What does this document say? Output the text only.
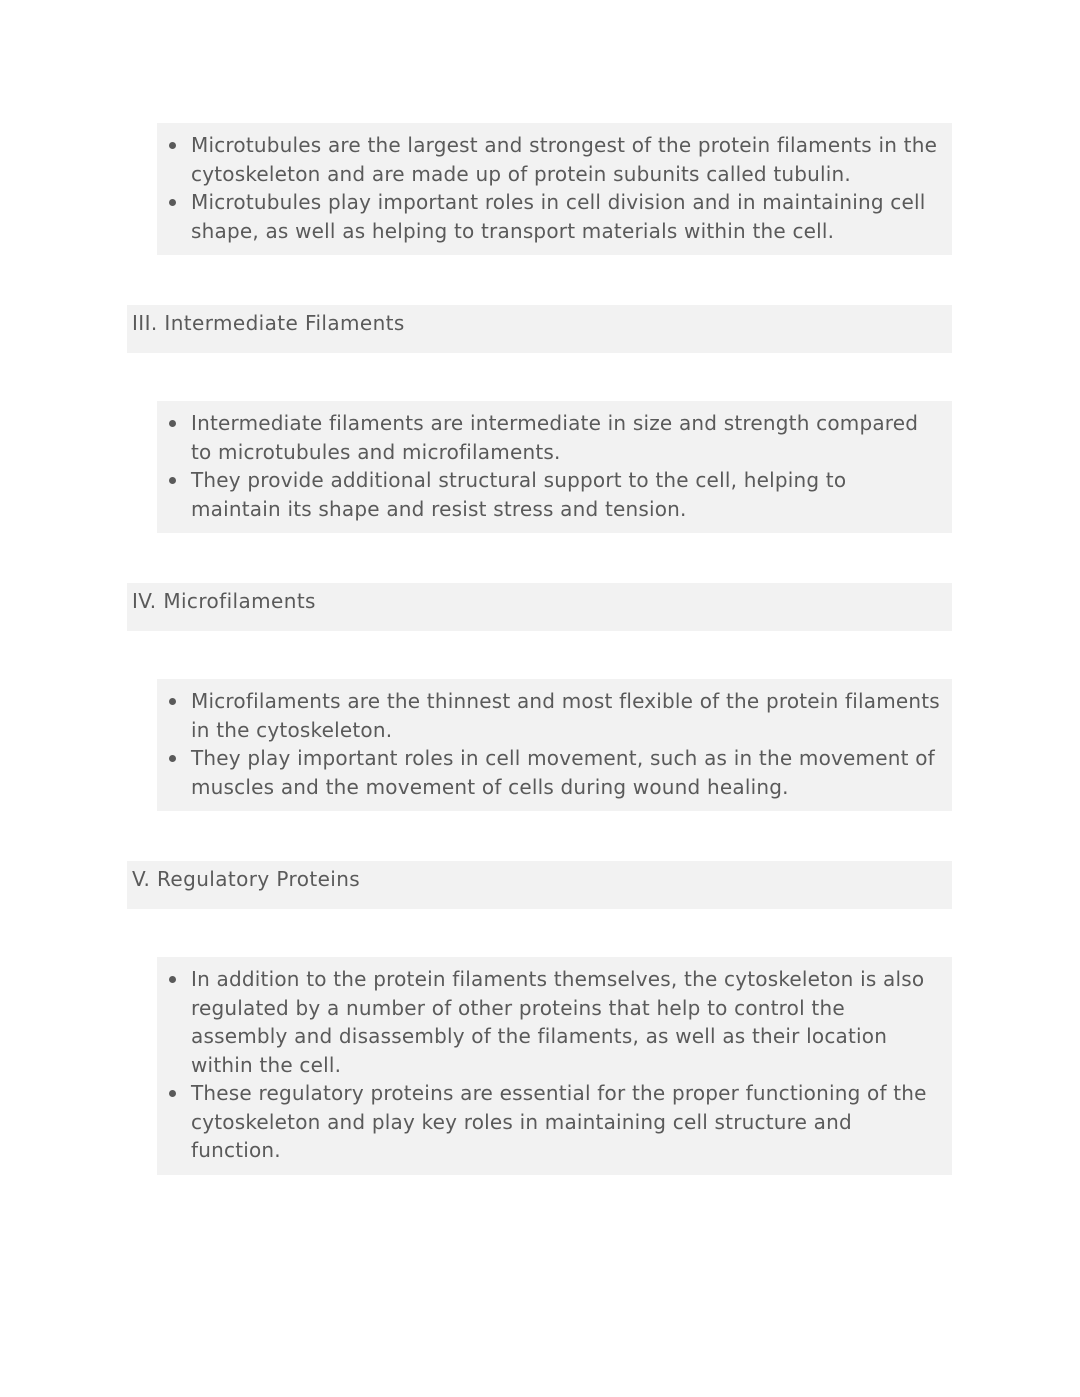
Microtubules are the largest and strongest of the protein filaments in the cytoskeleton and are made up of protein subunits called tubulin.
Microtubules play important roles in cell division and in maintaining cell shape, as well as helping to transport materials within the cell.
III. Intermediate Filaments
Intermediate filaments are intermediate in size and strength compared to microtubules and microfilaments.
They provide additional structural support to the cell, helping to maintain its shape and resist stress and tension.
IV. Microfilaments
Microfilaments are the thinnest and most flexible of the protein filaments in the cytoskeleton.
They play important roles in cell movement, such as in the movement of muscles and the movement of cells during wound healing.
V. Regulatory Proteins
In addition to the protein filaments themselves, the cytoskeleton is also regulated by a number of other proteins that help to control the assembly and disassembly of the filaments, as well as their location within the cell.
These regulatory proteins are essential for the proper functioning of the cytoskeleton and play key roles in maintaining cell structure and function.
